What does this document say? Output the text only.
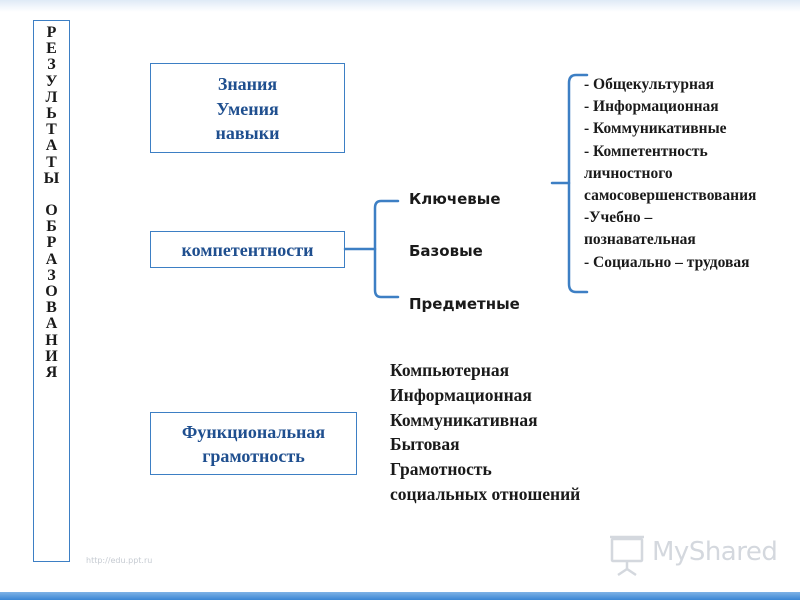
Р
Е
З
У
Л
Ь
Т
А
Т
Ы
О
Б
Р
А
З
О
В
А
Н
И
Я
Знания
Умения
навыки
компетентности
Функциональная
грамотность
Ключевые
Базовые
Предметные
- Общекультурная
- Информационная
- Коммуникативные
- Компетентность
личностного
самосовершенствования
-Учебно –
познавательная
- Социально – трудовая
Компьютерная
Информационная
Коммуникативная
Бытовая
Грамотность
социальных отношений
http://edu.ppt.ru	MyShared
